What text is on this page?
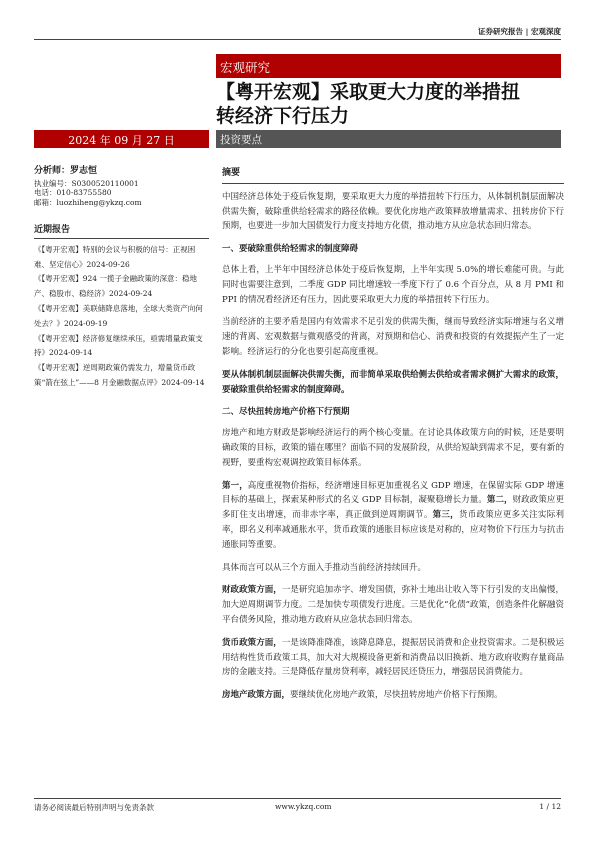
证券研究报告 | 宏观深度
宏观研究
【粤开宏观】采取更大力度的举措扭
转经济下行压力
投资要点
2024 年 09 月 27 日
分析师：罗志恒
执业编号：S0300520110001
电话：010-83755580
邮箱：luozhiheng@ykzq.com
近期报告
《【粤开宏观】特别的会议与积极的信号：正视困难、坚定信心》2024-09-26
《【粤开宏观】924 一揽子金融政策的深意：稳地产、稳股市、稳经济》2024-09-24
《【粤开宏观】美联储降息落地，全球大类资产向何处去？》2024-09-19
《【粤开宏观】经济修复继续承压，亟需增量政策支持》2024-09-14
《【粤开宏观】逆周期政策仍需发力，增量货币政策“箭在弦上”——8 月金融数据点评》2024-09-14
摘要

中国经济总体处于疫后恢复期，要采取更大力度的举措扭转下行压力，从体制机制层面解决供需失衡，破除重供给轻需求的路径依赖。要优化房地产政策释放增量需求、扭转房价下行预期，也要进一步加大国债发行力度支持地方化债，推动地方从应急状态回归常态。

一、要破除重供给轻需求的制度障碍

总体上看，上半年中国经济总体处于疫后恢复期，上半年实现 5.0%的增长难能可贵。与此同时也需要注意到，二季度 GDP 同比增速较一季度下行了 0.6 个百分点，从 8 月 PMI 和 PPI 的情况看经济还有压力，因此要采取更大力度的举措扭转下行压力。

当前经济的主要矛盾是国内有效需求不足引发的供需失衡，继而导致经济实际增速与名义增速的背离、宏观数据与微观感受的背离，对预期和信心、消费和投资的有效提振产生了一定影响。经济运行的分化也要引起高度重视。

要从体制机制层面解决供需失衡，而非简单采取供给侧去供给或者需求侧扩大需求的政策，要破除重供给轻需求的制度障碍。

二、尽快扭转房地产价格下行预期

房地产和地方财政是影响经济运行的两个核心变量。在讨论具体政策方向的时候，还是要明确政策的目标，政策的锚在哪里？面临不同的发展阶段，从供给短缺到需求不足，要有新的视野，要重构宏观调控政策目标体系。

第一，高度重视物价指标，经济增速目标更加重视名义 GDP 增速，在保留实际 GDP 增速目标的基础上，探索某种形式的名义 GDP 目标制，凝聚稳增长力量。第二，财政政策应更多盯住支出增速，而非赤字率，真正做到逆周期调节。第三，货币政策应更多关注实际利率，即名义利率减通胀水平，货币政策的通胀目标应该是对称的，应对物价下行压力与抗击通胀同等重要。

具体而言可以从三个方面入手推动当前经济持续回升。

财政政策方面，一是研究追加赤字、增发国债，弥补土地出让收入等下行引发的支出偏慢，加大逆周期调节力度。二是加快专项债发行进度。三是优化“化债”政策，创造条件化解融资平台债务风险，推动地方政府从应急状态回归常态。

货币政策方面，一是该降准降准，该降息降息，提振居民消费和企业投资需求。二是积极运用结构性货币政策工具，加大对大规模设备更新和消费品以旧换新、地方政府收购存量商品房的金融支持。三是降低存量房贷利率，减轻居民还贷压力，增强居民消费能力。

房地产政策方面，要继续优化房地产政策，尽快扭转房地产价格下行预期。

请务必阅读最后特别声明与免责条款	www.ykzq.com	1 / 12
